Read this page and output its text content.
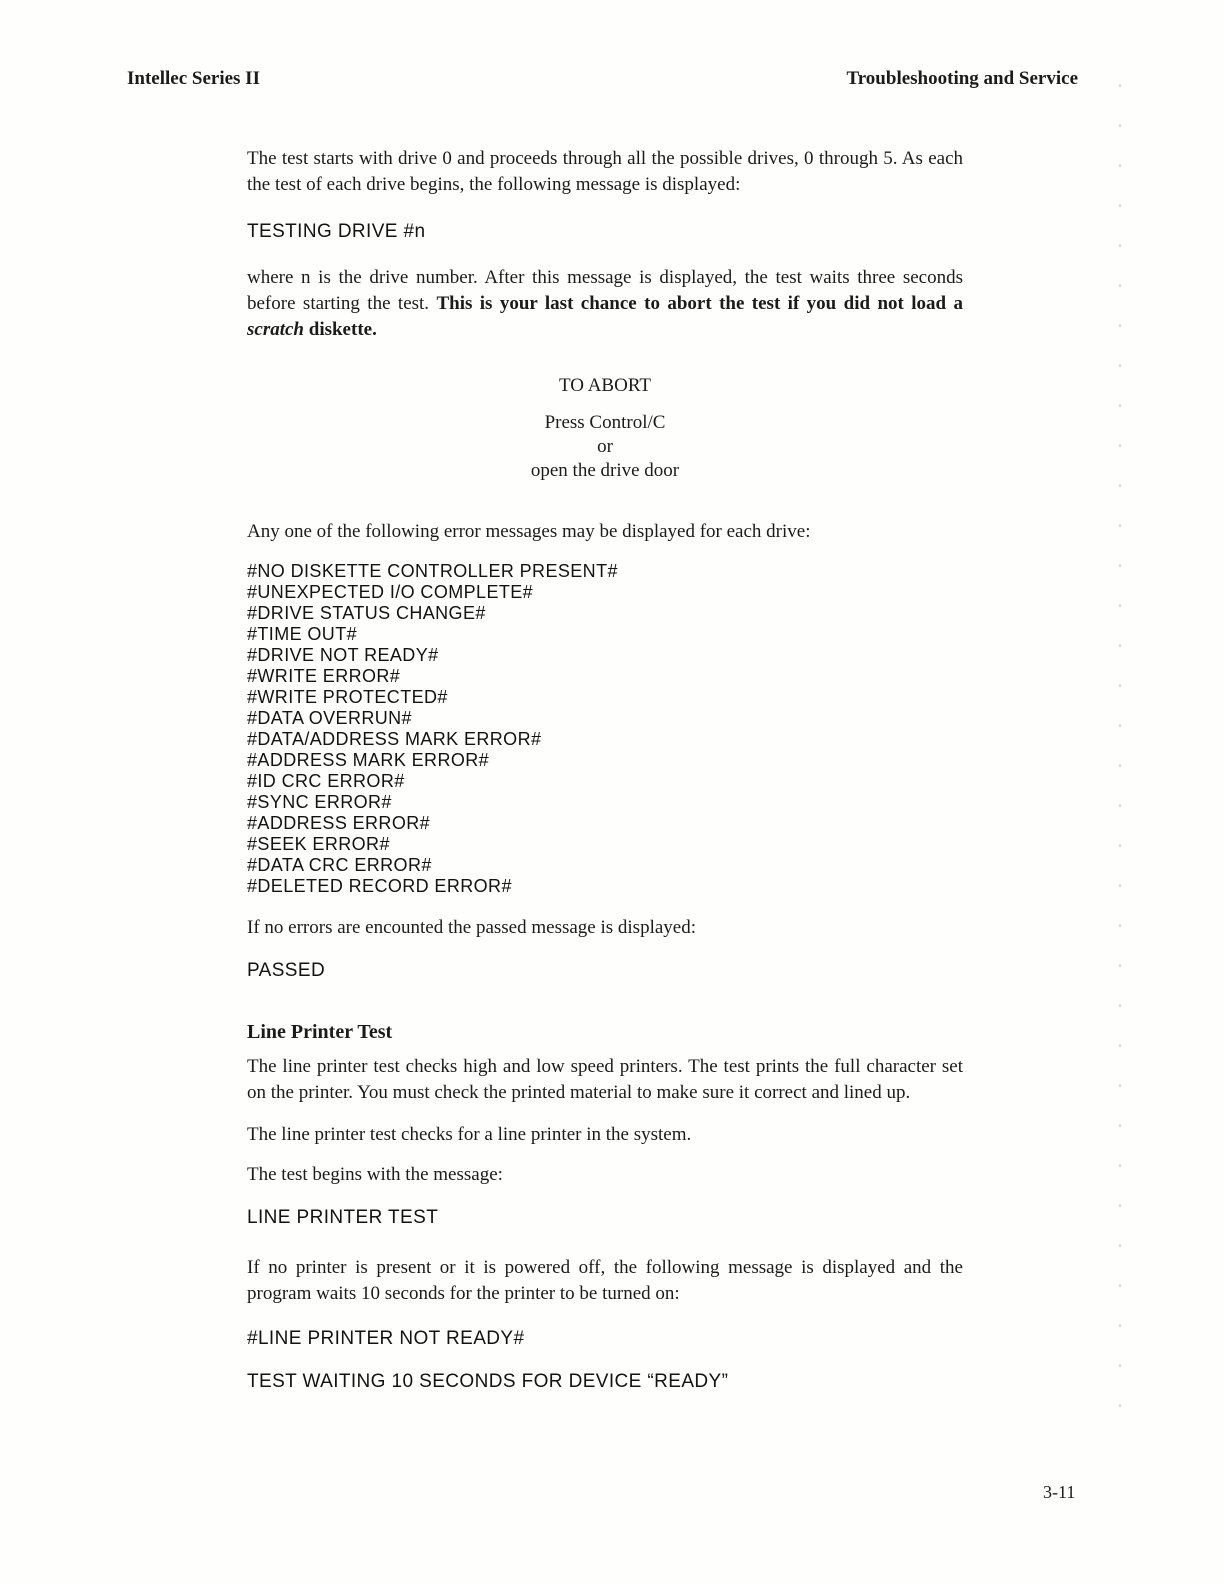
Intellec Series II	Troubleshooting and Service

The test starts with drive 0 and proceeds through all the possible drives, 0 through 5. As each the test of each drive begins, the following message is displayed:

TESTING DRIVE #n

where n is the drive number. After this message is displayed, the test waits three seconds before starting the test. This is your last chance to abort the test if you did not load a scratch diskette.

TO ABORT
Press Control/C
or
open the drive door

Any one of the following error messages may be displayed for each drive:

#NO DISKETTE CONTROLLER PRESENT#
#UNEXPECTED I/O COMPLETE#
#DRIVE STATUS CHANGE#
#TIME OUT#
#DRIVE NOT READY#
#WRITE ERROR#
#WRITE PROTECTED#
#DATA OVERRUN#
#DATA/ADDRESS MARK ERROR#
#ADDRESS MARK ERROR#
#ID CRC ERROR#
#SYNC ERROR#
#ADDRESS ERROR#
#SEEK ERROR#
#DATA CRC ERROR#
#DELETED RECORD ERROR#

If no errors are encounted the passed message is displayed:

PASSED
Line Printer Test

The line printer test checks high and low speed printers. The test prints the full character set on the printer. You must check the printed material to make sure it correct and lined up.

The line printer test checks for a line printer in the system.

The test begins with the message:

LINE PRINTER TEST

If no printer is present or it is powered off, the following message is displayed and the program waits 10 seconds for the printer to be turned on:

#LINE PRINTER NOT READY#
TEST WAITING 10 SECONDS FOR DEVICE “READY”
3-11
